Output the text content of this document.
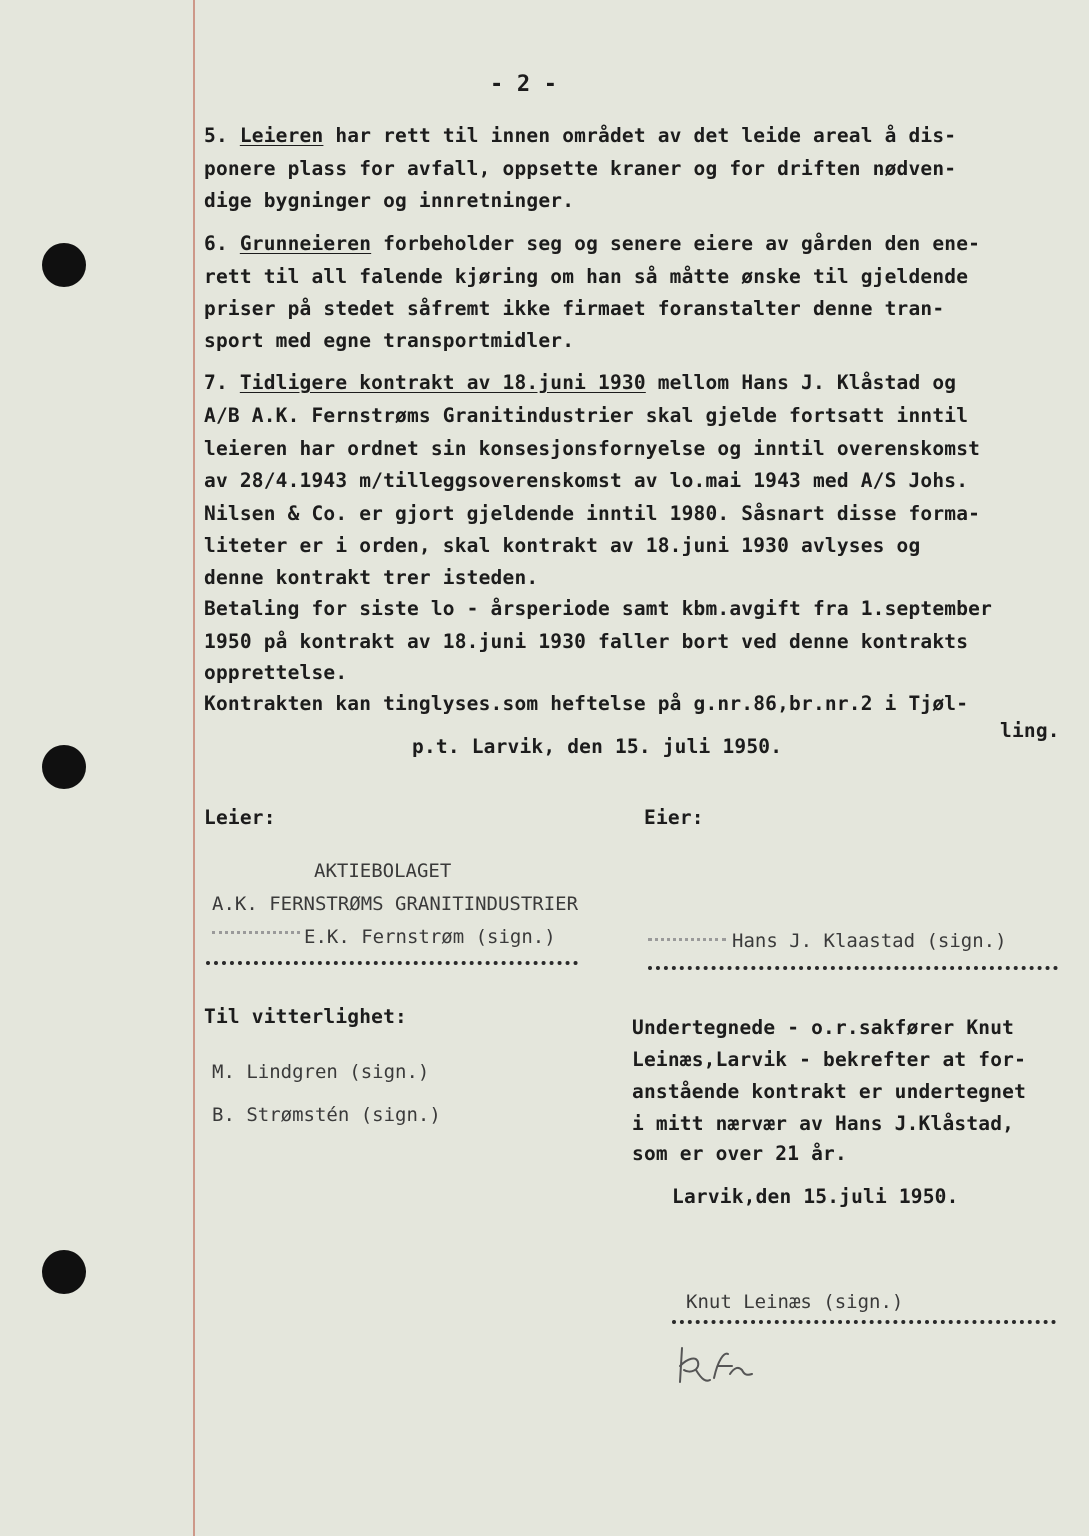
- 2 -
5. Leieren har rett til innen området av det leide areal å dis-
ponere plass for avfall, oppsette kraner og for driften nødven-
dige bygninger og innretninger.
6. Grunneieren forbeholder seg og senere eiere av gården den ene-
rett til all falende kjøring om han så måtte ønske til gjeldende
priser på stedet såfremt ikke firmaet foranstalter denne tran-
sport med egne transportmidler.
7. Tidligere kontrakt av 18.juni 1930 mellom Hans J. Klåstad og
A/B A.K. Fernstrøms Granitindustrier skal gjelde fortsatt inntil
leieren har ordnet sin konsesjonsfornyelse og inntil overenskomst
av 28/4.1943 m/tilleggsoverenskomst av lo.mai 1943 med A/S Johs.
Nilsen & Co. er gjort gjeldende inntil 1980. Såsnart disse forma-
liteter er i orden, skal kontrakt av 18.juni 1930 avlyses og
denne kontrakt trer isteden.
Betaling for siste lo - årsperiode samt kbm.avgift fra 1.september
1950 på kontrakt av 18.juni 1930 faller bort ved denne kontrakts
opprettelse.
Kontrakten kan tinglyses.som heftelse på g.nr.86,br.nr.2 i Tjøl-
ling.
p.t. Larvik, den 15. juli 1950.
Leier:
AKTIEBOLAGET
A.K. FERNSTRØMS GRANITINDUSTRIER
E.K. Fernstrøm (sign.)
Eier:
Hans J. Klaastad (sign.)
Til vitterlighet:
M. Lindgren (sign.)
B. Strømstén (sign.)
Undertegnede - o.r.sakfører Knut
Leinæs,Larvik - bekrefter at for-
anstående kontrakt er undertegnet
i mitt nærvær av Hans J.Klåstad,
som er over 21 år.
Larvik,den 15.juli 1950.
Knut Leinæs (sign.)
